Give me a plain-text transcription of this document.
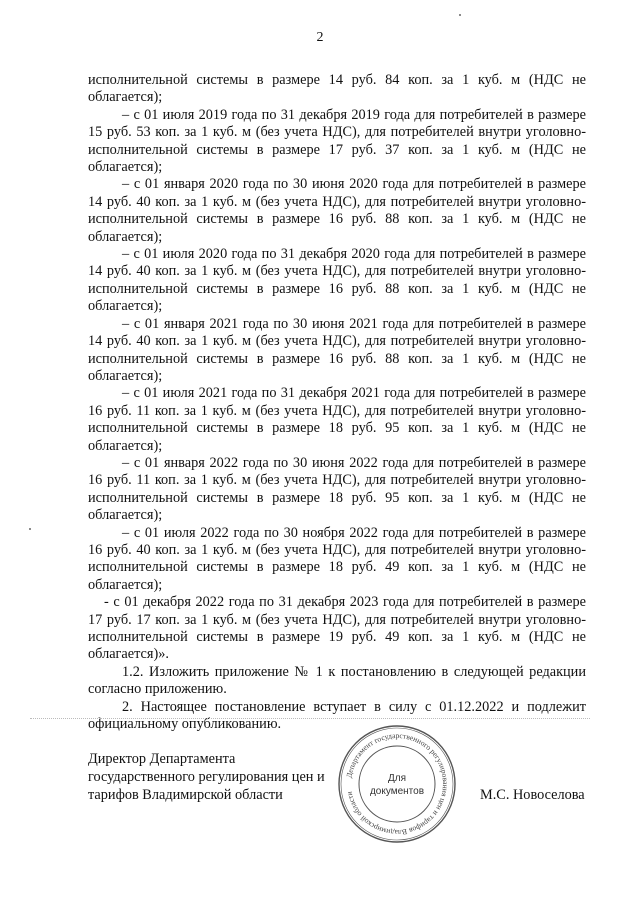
2

исполнительной системы в размере 14 руб. 84 коп. за 1 куб. м (НДС не облагается);

– с 01 июля 2019 года по 31 декабря 2019 года для потребителей в размере 15 руб. 53 коп. за 1 куб. м (без учета НДС), для потребителей внутри уголовно-исполнительной системы в размере 17 руб. 37 коп. за 1 куб. м (НДС не облагается);

– с 01 января 2020 года по 30 июня 2020 года для потребителей в размере 14 руб. 40 коп. за 1 куб. м (без учета НДС), для потребителей внутри уголовно-исполнительной системы в размере 16 руб. 88 коп. за 1 куб. м (НДС не облагается);

– с 01 июля 2020 года по 31 декабря 2020 года для потребителей в размере 14 руб. 40 коп. за 1 куб. м (без учета НДС), для потребителей внутри уголовно-исполнительной системы в размере 16 руб. 88 коп. за 1 куб. м (НДС не облагается);

– с 01 января 2021 года по 30 июня 2021 года для потребителей в размере 14 руб. 40 коп. за 1 куб. м (без учета НДС), для потребителей внутри уголовно-исполнительной системы в размере 16 руб. 88 коп. за 1 куб. м (НДС не облагается);

– с 01 июля 2021 года по 31 декабря 2021 года для потребителей в размере 16 руб. 11 коп. за 1 куб. м (без учета НДС), для потребителей внутри уголовно-исполнительной системы в размере 18 руб. 95 коп. за 1 куб. м (НДС не облагается);

– с 01 января 2022 года по 30 июня 2022 года для потребителей в размере 16 руб. 11 коп. за 1 куб. м (без учета НДС), для потребителей внутри уголовно-исполнительной системы в размере 18 руб. 95 коп. за 1 куб. м (НДС не облагается);

– с 01 июля 2022 года по 30 ноября 2022 года для потребителей в размере 16 руб. 40 коп. за 1 куб. м (без учета НДС), для потребителей внутри уголовно-исполнительной системы в размере 18 руб. 49 коп. за 1 куб. м (НДС не облагается);

- с 01 декабря 2022 года по 31 декабря 2023 года для потребителей в размере 17 руб. 17 коп. за 1 куб. м (без учета НДС), для потребителей внутри уголовно-исполнительной системы в размере 19 руб. 49 коп. за 1 куб. м (НДС не облагается)».

1.2. Изложить приложение № 1 к постановлению в следующей редакции согласно приложению.

2. Настоящее постановление вступает в силу с 01.12.2022 и подлежит официальному опубликованию.

Директор Департамента
государственного регулирования цен и
тарифов Владимирской области	М.С. Новоселова
Департамент государственного регулирования цен и тарифов Владимирской области
Для
документов
